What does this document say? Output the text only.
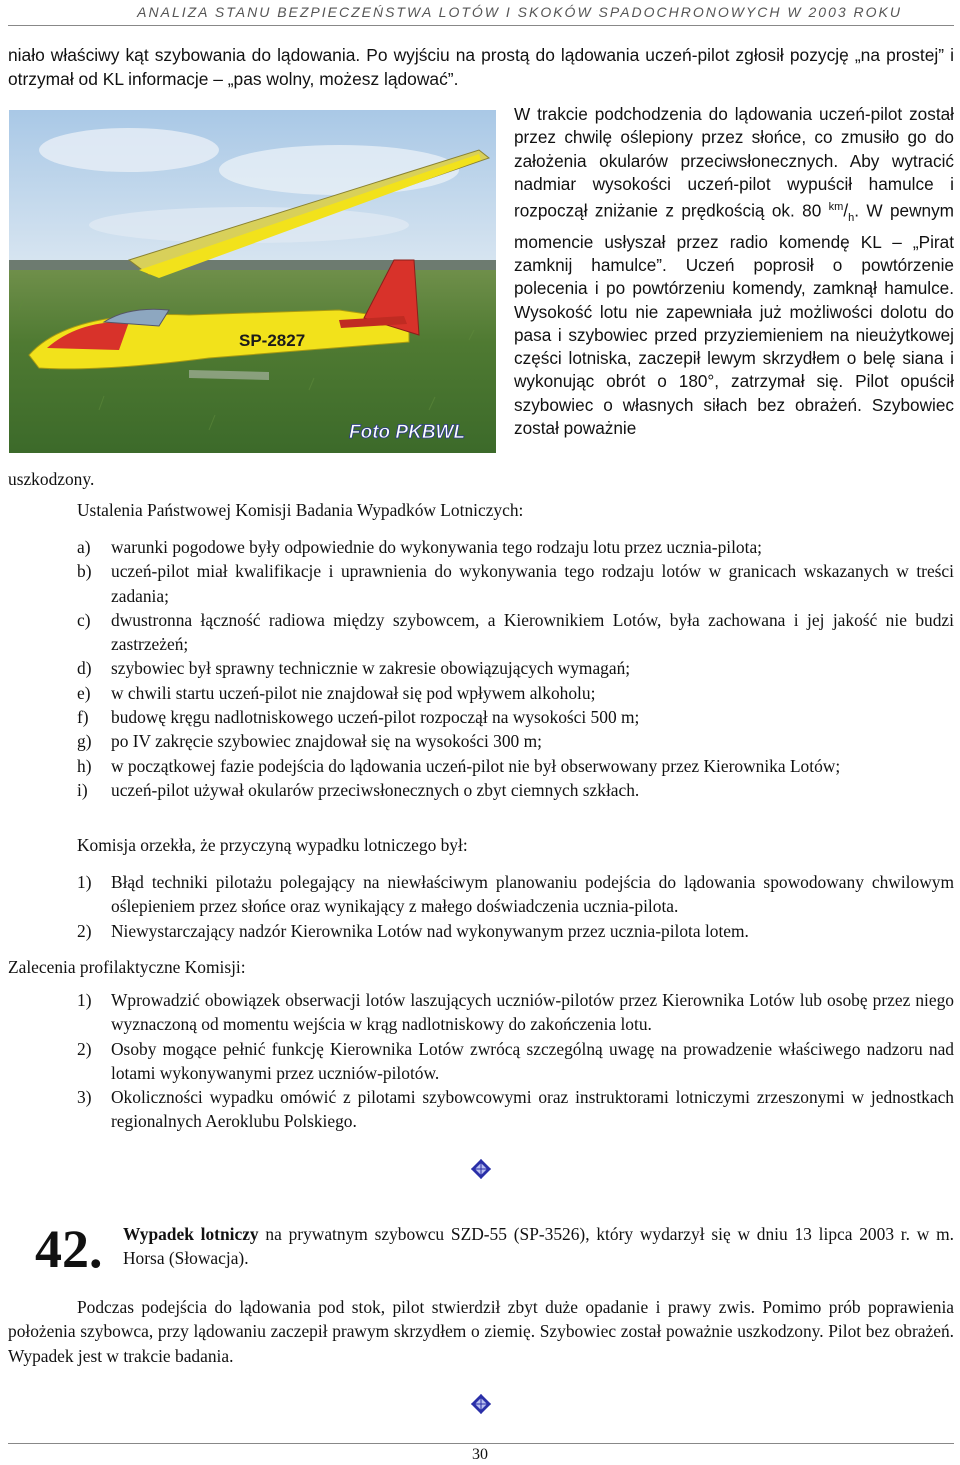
ANALIZA STANU BEZPIECZEŃSTWA LOTÓW I SKOKÓW SPADOCHRONOWYCH W 2003 ROKU
niało właściwy kąt szybowania do lądowania. Po wyjściu na prostą do lądowania uczeń-pilot zgłosił pozycję „na prostej” i otrzymał od KL informacje – „pas wolny, możesz lądować”.
SP-2827
Foto PKBWL
W trakcie podchodzenia do lądowania uczeń-pilot został przez chwilę oślepiony przez słońce, co zmusiło go do założenia okularów przeciwsłonecznych. Aby wytracić nadmiar wysokości uczeń-pilot wypuścił hamulce i rozpoczął zniżanie z prędkością ok. 80 $^{km}/_h$. W pewnym momencie usłyszał przez radio komendę KL – „Pirat zamknij hamulce”. Uczeń poprosił o powtórzenie polecenia i po powtórzeniu komendy, zamknął hamulce. Wysokość lotu nie zapewniała już możliwości dolotu do pasa i szybowiec przed przyziemieniem na nieużytkowej części lotniska, zaczepił lewym skrzydłem o belę siana i wykonując obrót o 180°, zatrzymał się. Pilot opuścił szybowiec o własnych siłach bez obrażeń. Szybowiec został poważnie
uszkodzony.
Ustalenia Państwowej Komisji Badania Wypadków Lotniczych:
a) warunki pogodowe były odpowiednie do wykonywania tego rodzaju lotu przez ucznia-pilota;
b) uczeń-pilot miał kwalifikacje i uprawnienia do wykonywania tego rodzaju lotów w granicach wskazanych w treści zadania;
c) dwustronna łączność radiowa między szybowcem, a Kierownikiem Lotów, była zachowana i jej jakość nie budzi zastrzeżeń;
d) szybowiec był sprawny technicznie w zakresie obowiązujących wymagań;
e) w chwili startu uczeń-pilot nie znajdował się pod wpływem alkoholu;
f) budowę kręgu nadlotniskowego uczeń-pilot rozpoczął na wysokości 500 m;
g) po IV zakręcie szybowiec znajdował się na wysokości 300 m;
h) w początkowej fazie podejścia do lądowania uczeń-pilot nie był obserwowany przez Kierownika Lotów;
i) uczeń-pilot używał okularów przeciwsłonecznych o zbyt ciemnych szkłach.
Komisja orzekła, że przyczyną wypadku lotniczego był:
1) Błąd techniki pilotażu polegający na niewłaściwym planowaniu podejścia do lądowania spowodowany chwilowym oślepieniem przez słońce oraz wynikający z małego doświadczenia ucznia-pilota.
2) Niewystarczający nadzór Kierownika Lotów nad wykonywanym przez ucznia-pilota lotem.
Zalecenia profilaktyczne Komisji:
1) Wprowadzić obowiązek obserwacji lotów laszujących uczniów-pilotów przez Kierownika Lotów lub osobę przez niego wyznaczoną od momentu wejścia w krąg nadlotniskowy do zakończenia lotu.
2) Osoby mogące pełnić funkcję Kierownika Lotów zwrócą szczególną uwagę na prowadzenie właściwego nadzoru nad lotami wykonywanymi przez uczniów-pilotów.
3) Okoliczności wypadku omówić z pilotami szybowcowymi oraz instruktorami lotniczymi zrzeszonymi w jednostkach regionalnych Aeroklubu Polskiego.
42. Wypadek lotniczy na prywatnym szybowcu SZD-55 (SP-3526), który wydarzył się w dniu 13 lipca 2003 r. w m. Horsa (Słowacja).
Podczas podejścia do lądowania pod stok, pilot stwierdził zbyt duże opadanie i prawy zwis. Pomimo prób poprawienia położenia szybowca, przy lądowaniu zaczepił prawym skrzydłem o ziemię. Szybowiec został poważnie uszkodzony. Pilot bez obrażeń. Wypadek jest w trakcie badania.
30
